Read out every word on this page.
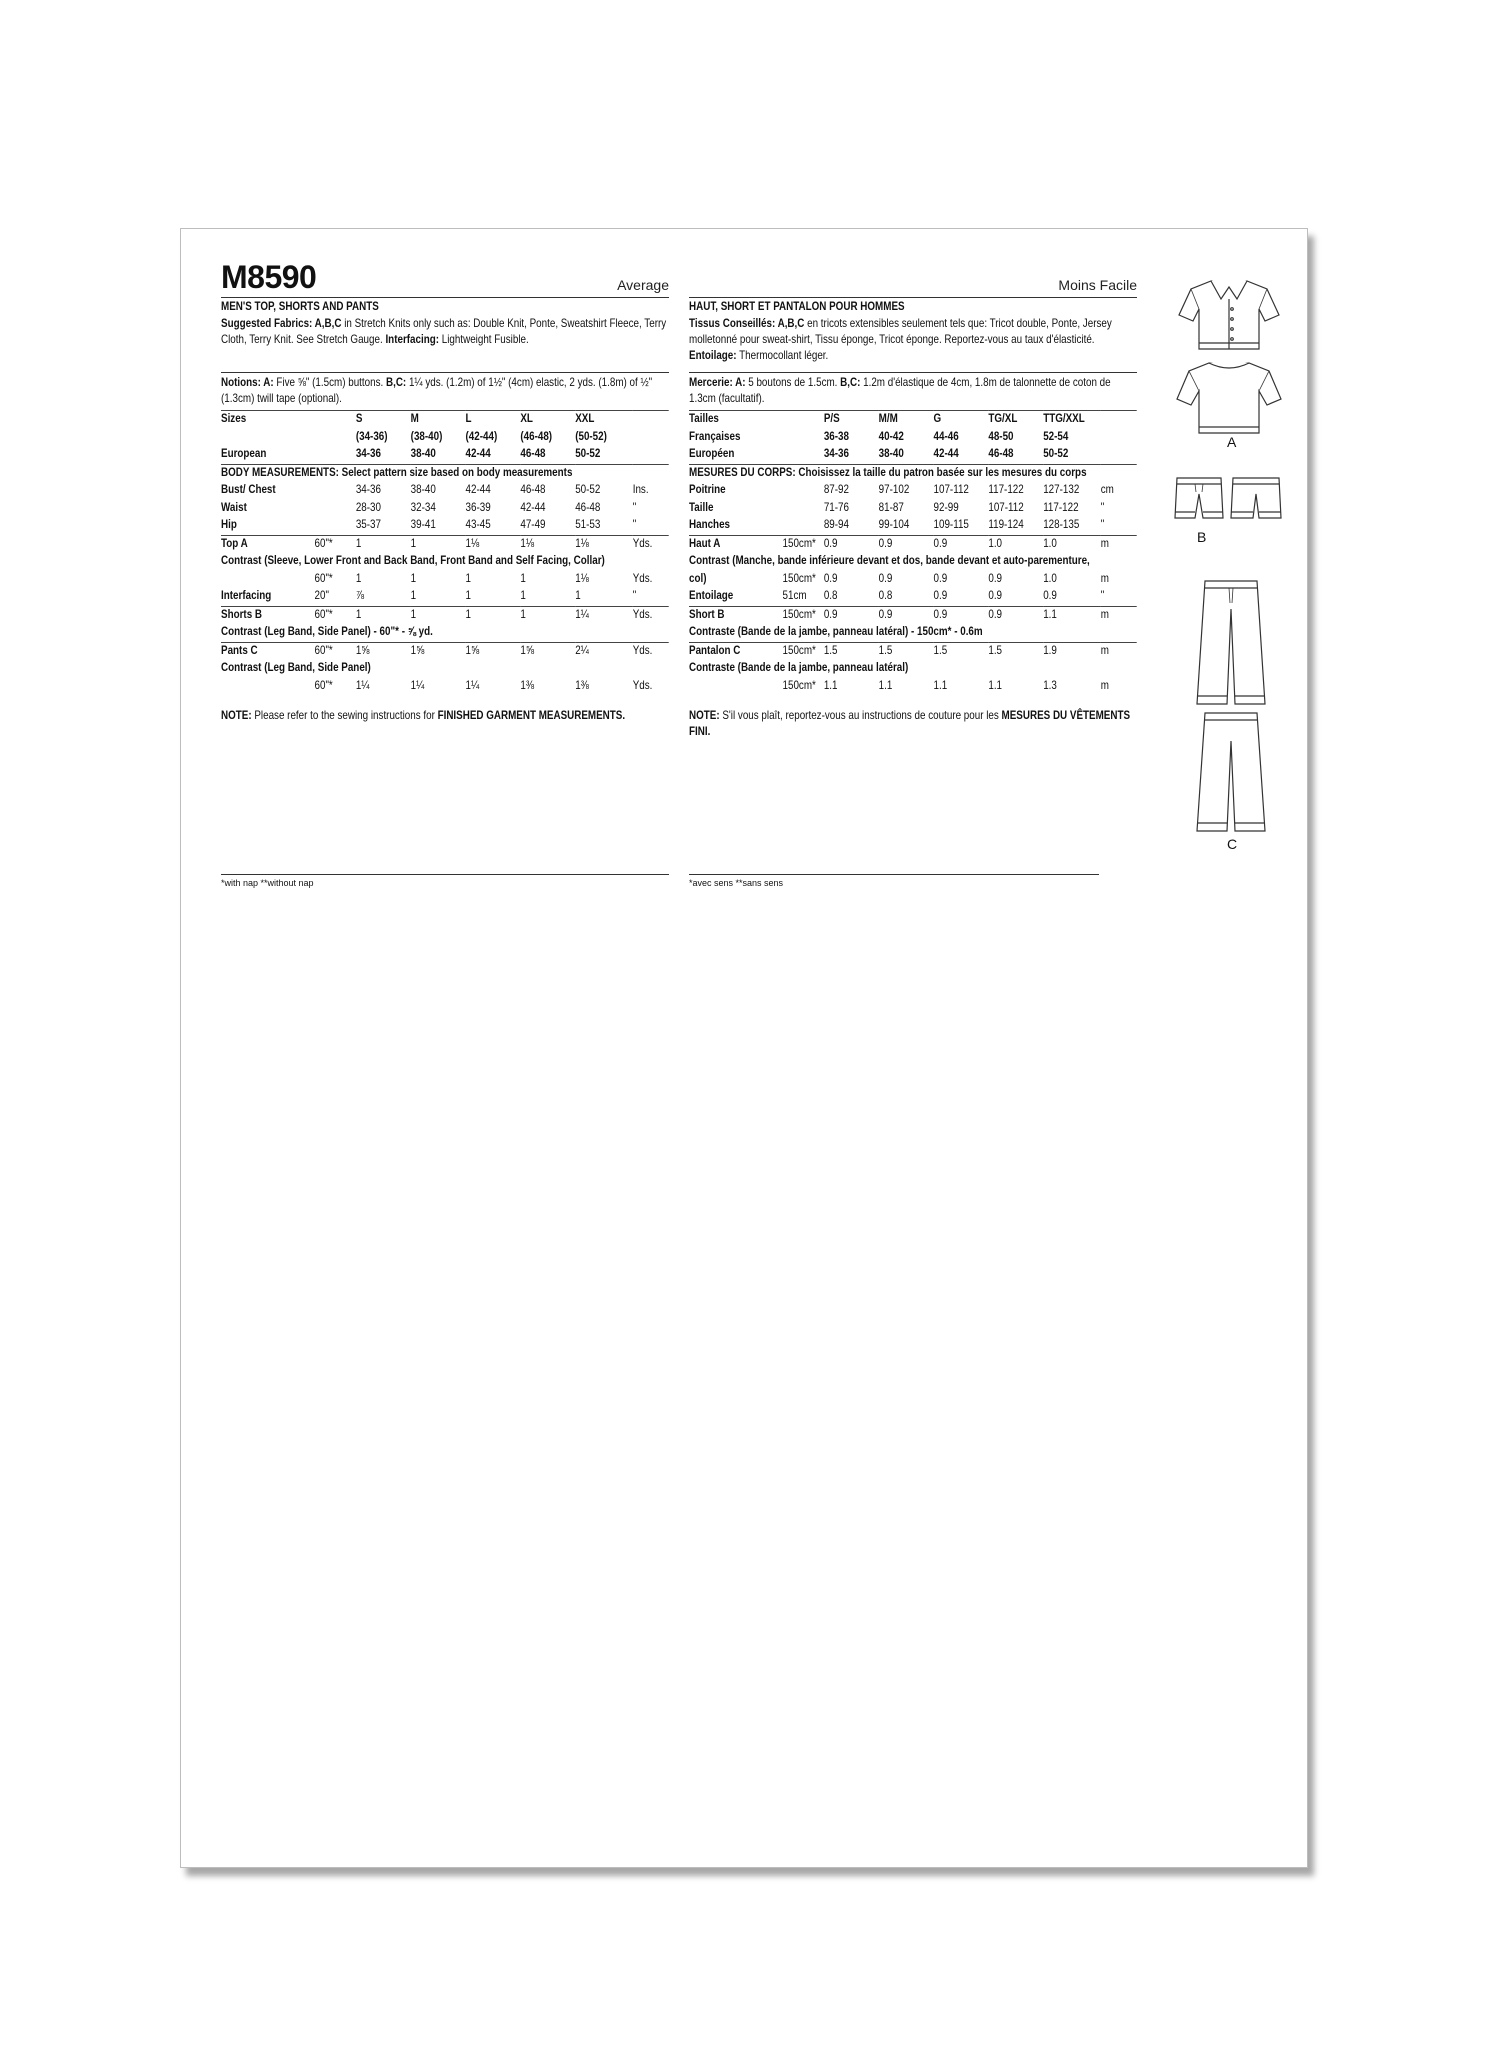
M8590	Average
MEN'S TOP, SHORTS AND PANTS
Suggested Fabrics: A,B,C in Stretch Knits only such as: Double Knit, Ponte, Sweatshirt Fleece, Terry Cloth, Terry Knit. See Stretch Gauge. Interfacing: Lightweight Fusible.
Notions: A: Five ⅝" (1.5cm) buttons. B,C: 1¼ yds. (1.2m) of 1½" (4cm) elastic, 2 yds. (1.8m) of ½" (1.3cm) twill tape (optional).
Sizes		S	M	L	XL	XXL	
		(34-36)	(38-40)	(42-44)	(46-48)	(50-52)	
European		34-36	38-40	42-44	46-48	50-52	
BODY MEASUREMENTS: Select pattern size based on body measurements							
Bust/ Chest		34-36	38-40	42-44	46-48	50-52	Ins.
Waist		28-30	32-34	36-39	42-44	46-48	"
Hip		35-37	39-41	43-45	47-49	51-53	"
Top A	60"*	1	1	1⅛	1⅛	1⅛	Yds.
Contrast (Sleeve, Lower Front and Back Band, Front Band and Self Facing, Collar)							
	60"*	1	1	1	1	1⅛	Yds.
Interfacing	20"	⅞	1	1	1	1	"
Shorts B	60"*	1	1	1	1	1¼	Yds.
Contrast (Leg Band, Side Panel) - 60"* - ⅝ yd.							
Pants C	60"*	1⅝	1⅝	1⅝	1⅝	2¼	Yds.
Contrast (Leg Band, Side Panel)							
	60"*	1¼	1¼	1¼	1⅜	1⅜	Yds.
NOTE: Please refer to the sewing instructions for FINISHED GARMENT MEASUREMENTS.
*with nap **without nap
Moins Facile
HAUT, SHORT ET PANTALON POUR HOMMES
Tissus Conseillés: A,B,C en tricots extensibles seulement tels que: Tricot double, Ponte, Jersey molletonné pour sweat-shirt, Tissu éponge, Tricot éponge. Reportez-vous au taux d'élasticité.
Entoilage: Thermocollant léger.
Mercerie: A: 5 boutons de 1.5cm. B,C: 1.2m d'élastique de 4cm, 1.8m de talonnette de coton de 1.3cm (facultatif).
Tailles		P/S	M/M	G	TG/XL	TTG/XXL	
Françaises		36-38	40-42	44-46	48-50	52-54	
Européen		34-36	38-40	42-44	46-48	50-52	
MESURES DU CORPS: Choisissez la taille du patron basée sur les mesures du corps							
Poitrine		87-92	97-102	107-112	117-122	127-132	cm
Taille		71-76	81-87	92-99	107-112	117-122	"
Hanches		89-94	99-104	109-115	119-124	128-135	"
Haut A	150cm*	0.9	0.9	0.9	1.0	1.0	m
Contrast (Manche, bande inférieure devant et dos, bande devant et auto-parementure,							
col)	150cm*	0.9	0.9	0.9	0.9	1.0	m
Entoilage	51cm	0.8	0.8	0.9	0.9	0.9	"
Short B	150cm*	0.9	0.9	0.9	0.9	1.1	m
Contraste (Bande de la jambe, panneau latéral) - 150cm* - 0.6m							
Pantalon C	150cm*	1.5	1.5	1.5	1.5	1.9	m
Contraste (Bande de la jambe, panneau latéral)							
	150cm*	1.1	1.1	1.1	1.1	1.3	m
NOTE: S'il vous plaît, reportez-vous au instructions de couture pour les MESURES DU VÊTEMENTS FINI.
*avec sens **sans sens
A
B
C
